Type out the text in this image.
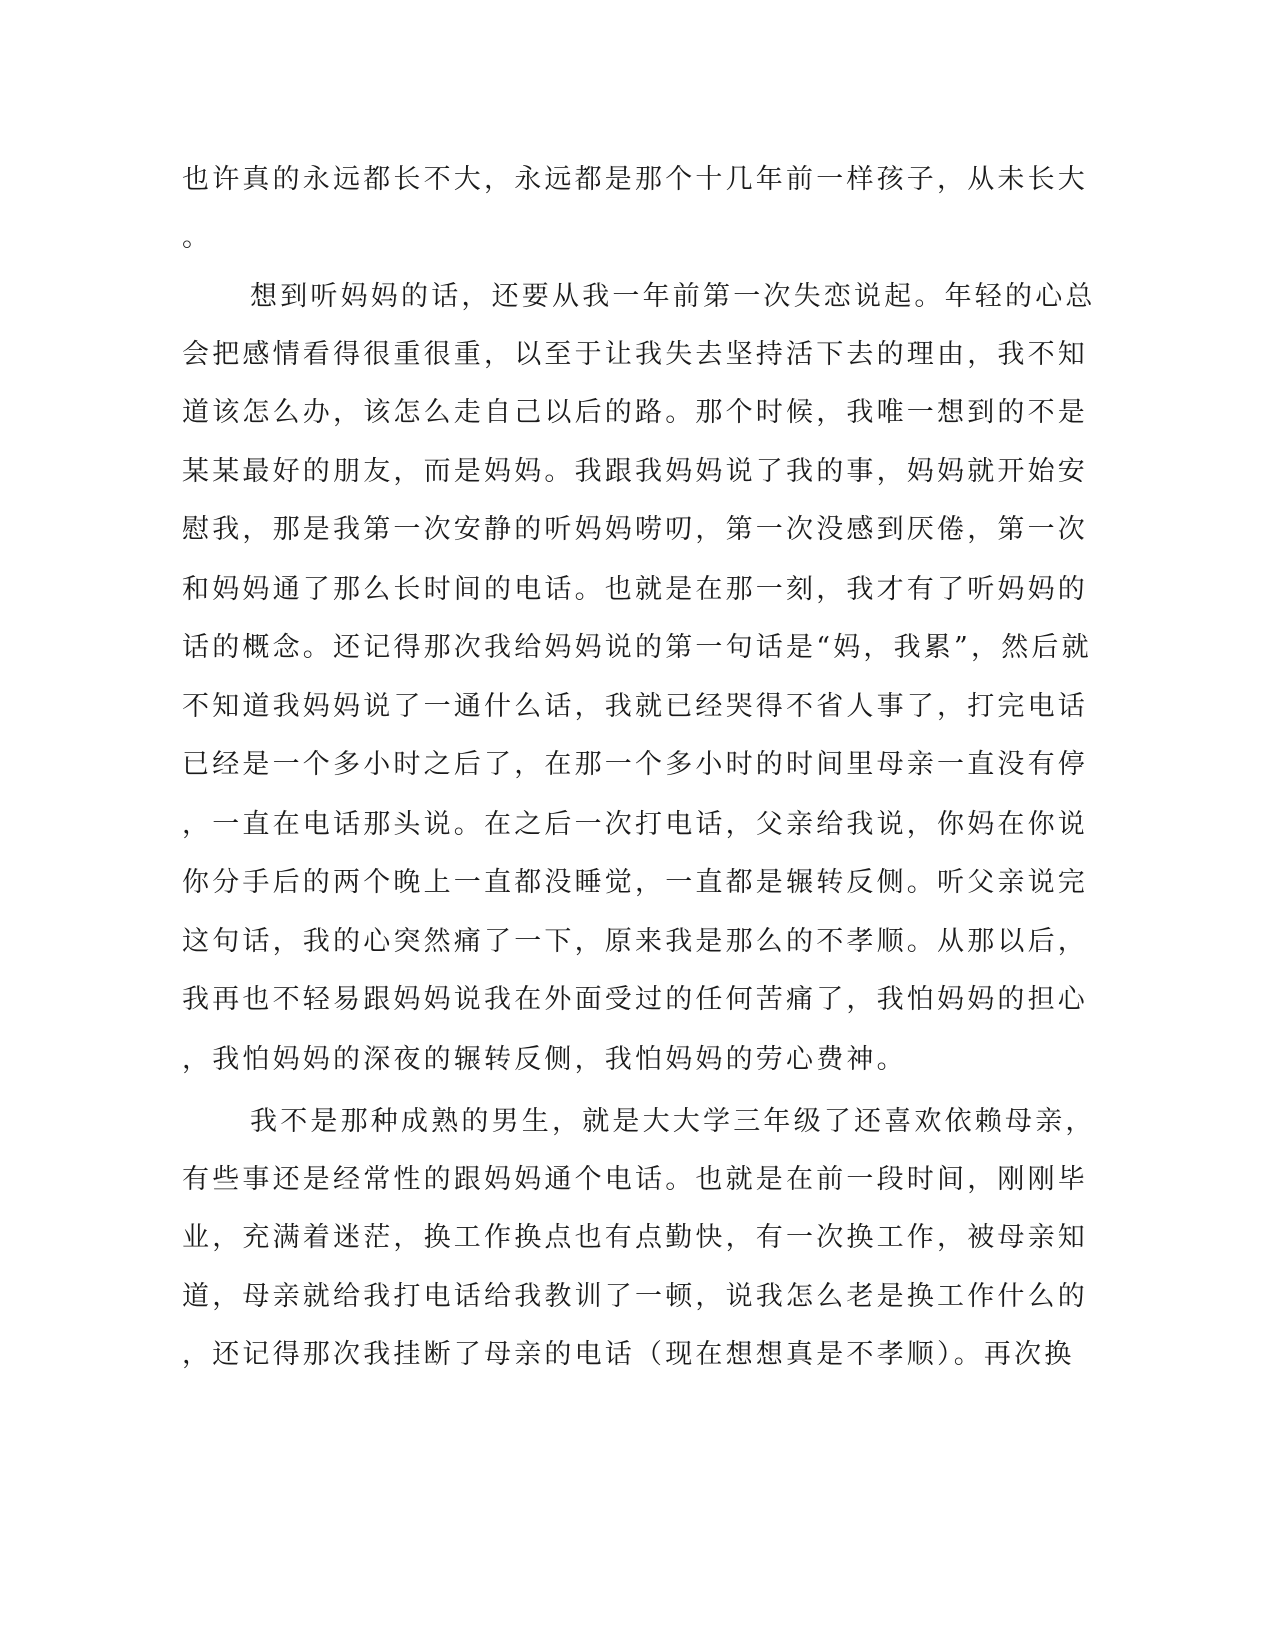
也许真的永远都长不大，永远都是那个十几年前一样孩子，从未长大
。
想到听妈妈的话，还要从我一年前第一次失恋说起。年轻的心总
会把感情看得很重很重，以至于让我失去坚持活下去的理由，我不知
道该怎么办，该怎么走自己以后的路。那个时候，我唯一想到的不是
某某最好的朋友，而是妈妈。我跟我妈妈说了我的事，妈妈就开始安
慰我，那是我第一次安静的听妈妈唠叨，第一次没感到厌倦，第一次
和妈妈通了那么长时间的电话。也就是在那一刻，我才有了听妈妈的
话的概念。还记得那次我给妈妈说的第一句话是“妈，我累”，然后就
不知道我妈妈说了一通什么话，我就已经哭得不省人事了，打完电话
已经是一个多小时之后了，在那一个多小时的时间里母亲一直没有停
，一直在电话那头说。在之后一次打电话，父亲给我说，你妈在你说
你分手后的两个晚上一直都没睡觉，一直都是辗转反侧。听父亲说完
这句话，我的心突然痛了一下，原来我是那么的不孝顺。从那以后，
我再也不轻易跟妈妈说我在外面受过的任何苦痛了，我怕妈妈的担心
，我怕妈妈的深夜的辗转反侧，我怕妈妈的劳心费神。
我不是那种成熟的男生，就是大大学三年级了还喜欢依赖母亲，
有些事还是经常性的跟妈妈通个电话。也就是在前一段时间，刚刚毕
业，充满着迷茫，换工作换点也有点勤快，有一次换工作，被母亲知
道，母亲就给我打电话给我教训了一顿，说我怎么老是换工作什么的
，还记得那次我挂断了母亲的电话（现在想想真是不孝顺）。再次换
